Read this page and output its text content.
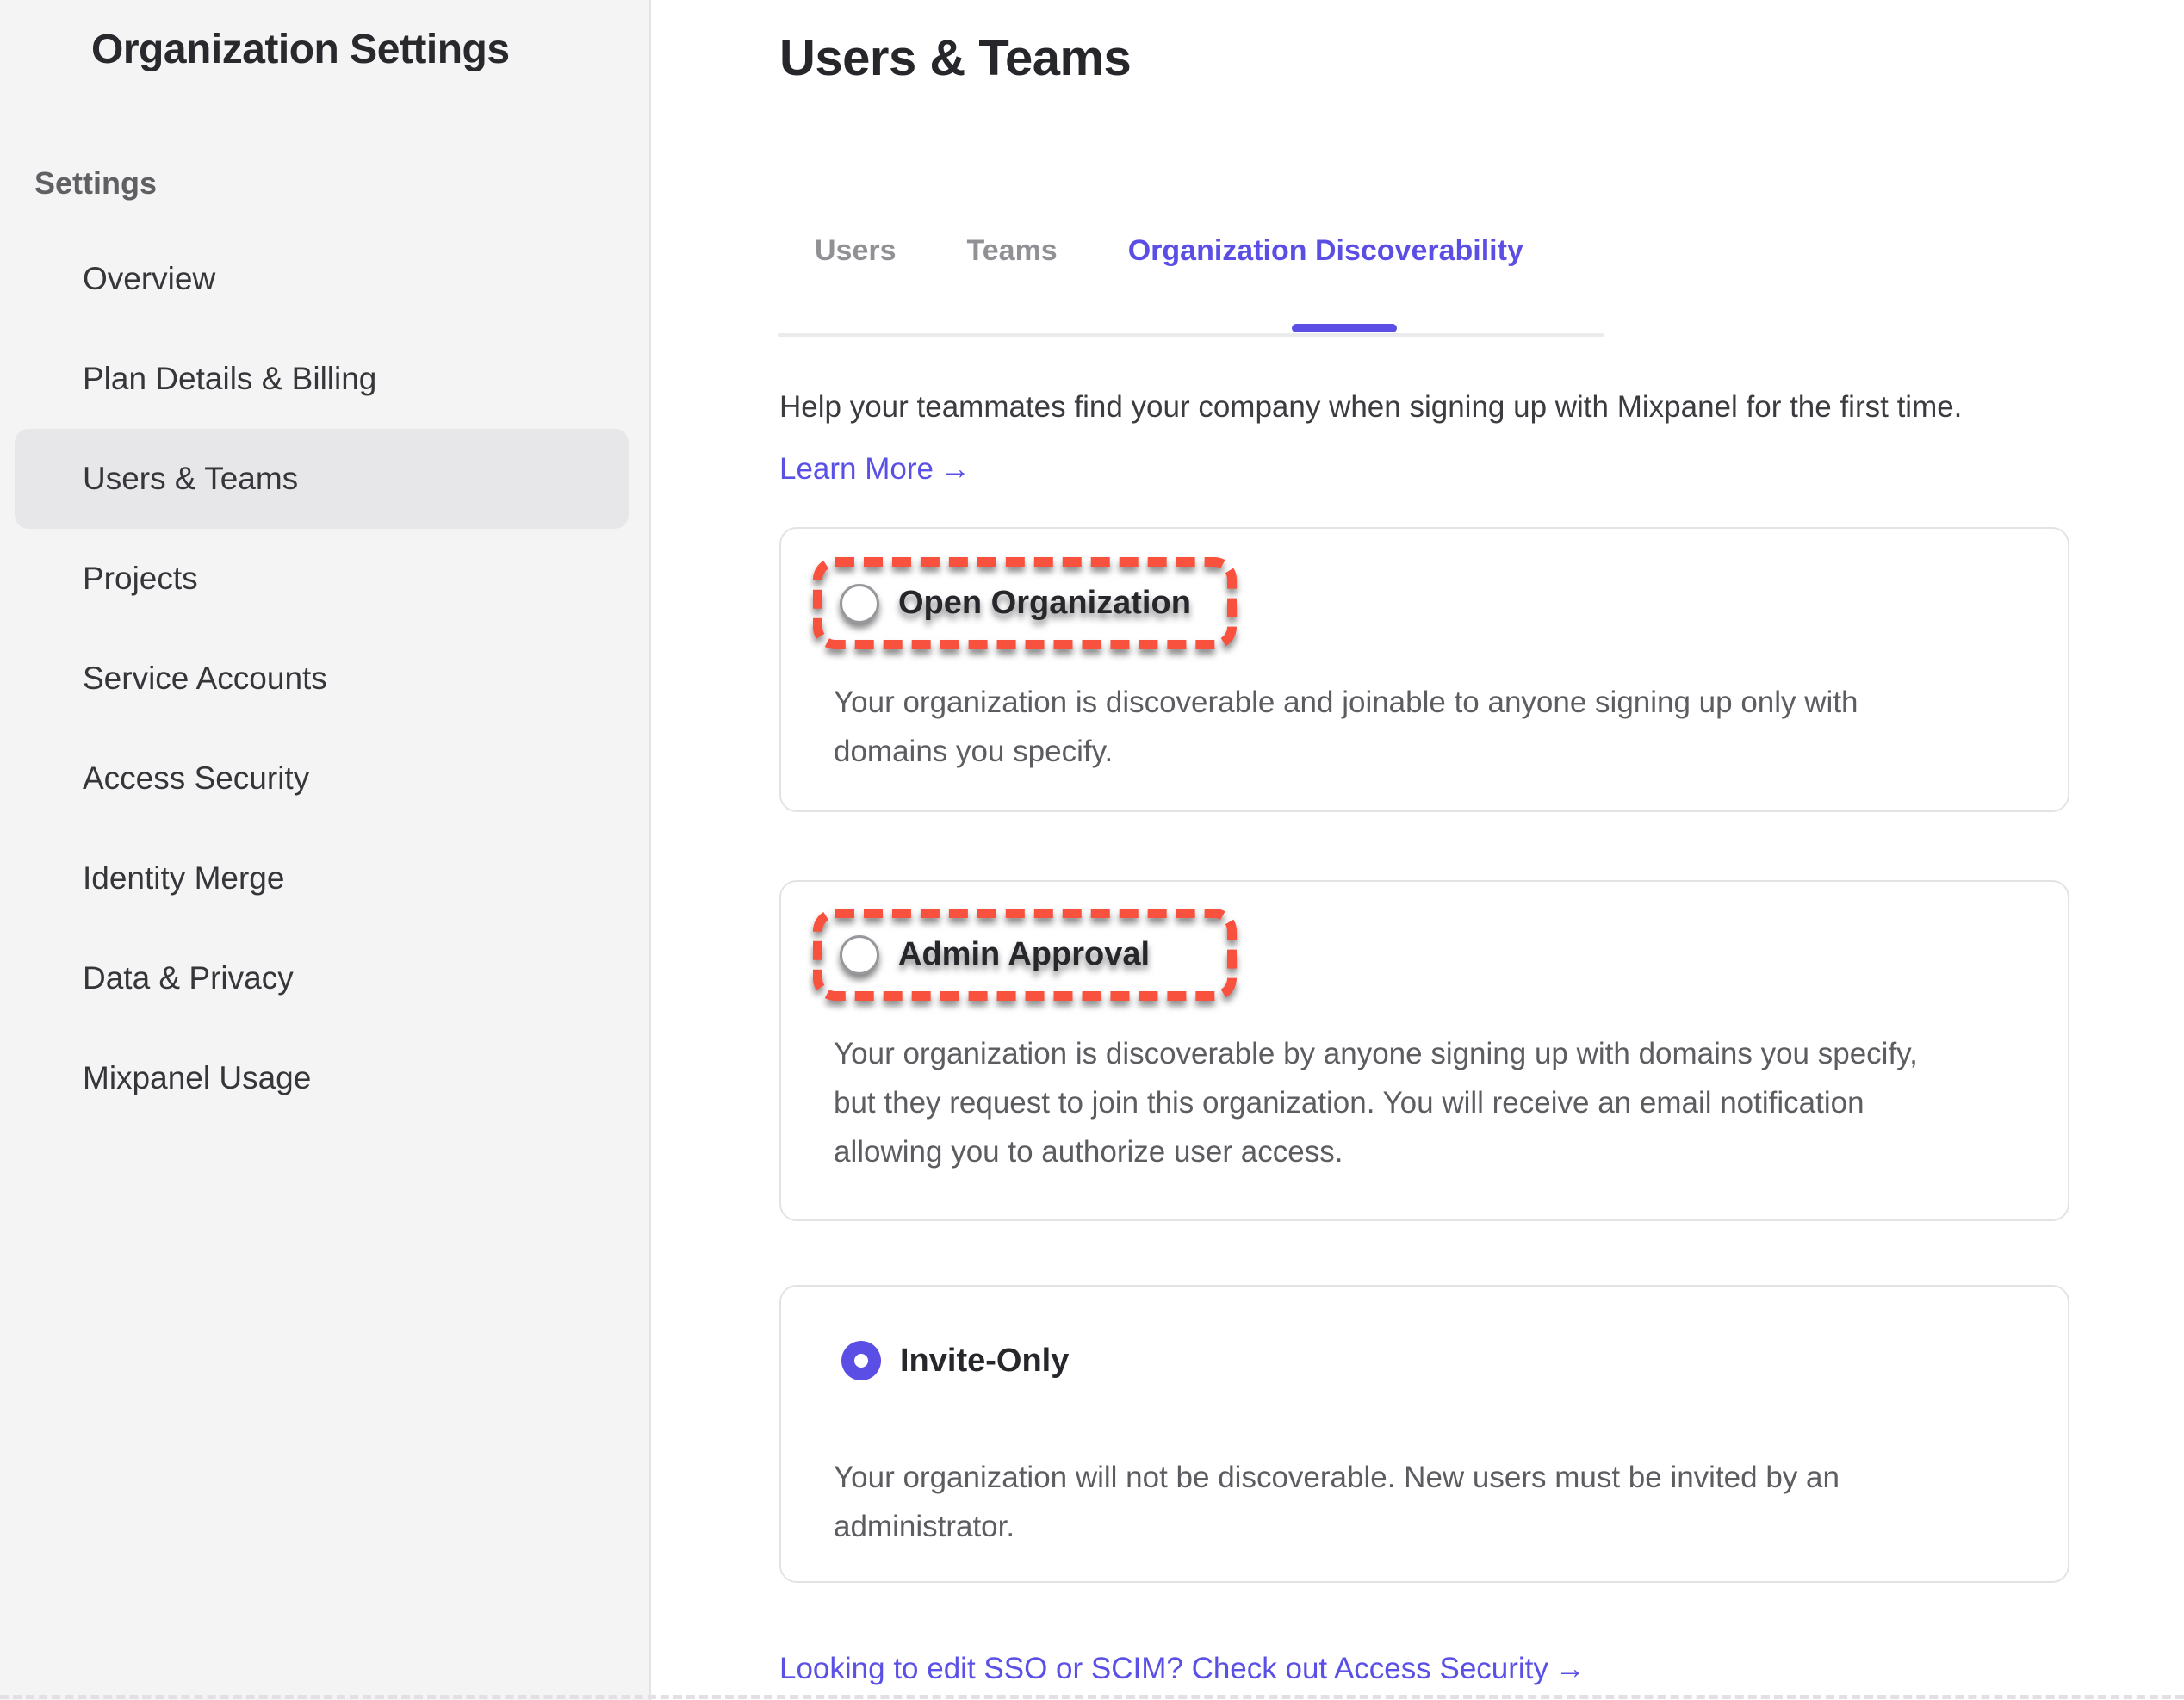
Organization Settings
Settings
Overview
Plan Details & Billing
Users & Teams
Projects
Service Accounts
Access Security
Identity Merge
Data & Privacy
Mixpanel Usage
Users & Teams
Users	Teams	Organization Discoverability
Help your teammates find your company when signing up with Mixpanel for the first time.
Learn More →
Open Organization
Your organization is discoverable and joinable to anyone signing up only with domains you specify.
Admin Approval
Your organization is discoverable by anyone signing up with domains you specify, but they request to join this organization. You will receive an email notification allowing you to authorize user access.
Invite-Only
Your organization will not be discoverable. New users must be invited by an administrator.
Looking to edit SSO or SCIM? Check out Access Security →
